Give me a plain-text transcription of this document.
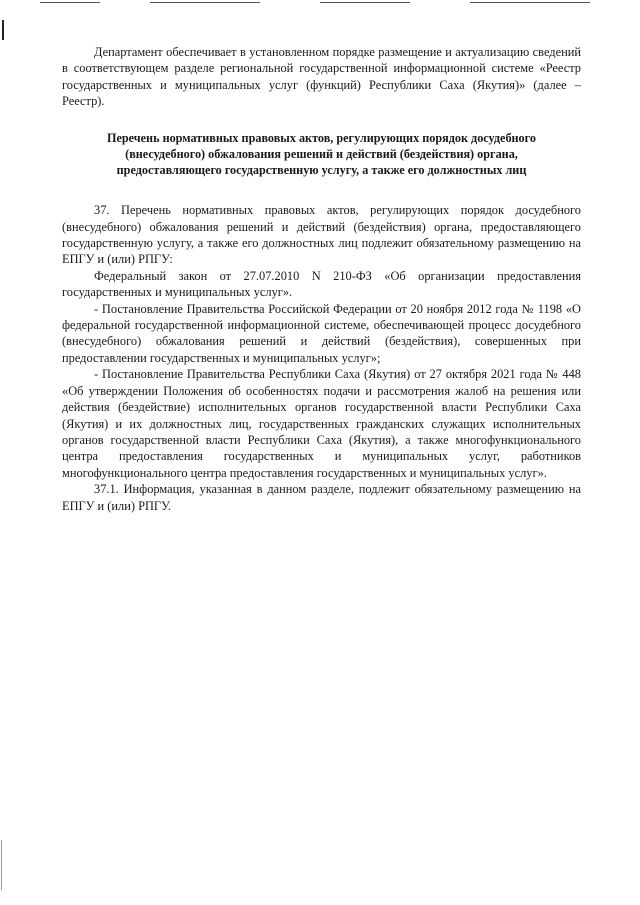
Департамент обеспечивает в установленном порядке размещение и актуализацию сведений в соответствующем разделе региональной государственной информационной системе «Реестр государственных и муниципальных услуг (функций) Республики Саха (Якутия)» (далее – Реестр).

Перечень нормативных правовых актов, регулирующих порядок досудебного (внесудебного) обжалования решений и действий (бездействия) органа, предоставляющего государственную услугу, а также его должностных лиц

37. Перечень нормативных правовых актов, регулирующих порядок досудебного (внесудебного) обжалования решений и действий (бездействия) органа, предоставляющего государственную услугу, а также его должностных лиц подлежит обязательному размещению на ЕПГУ и (или) РПГУ:

Федеральный закон от 27.07.2010 N 210-ФЗ «Об организации предоставления государственных и муниципальных услуг».

- Постановление Правительства Российской Федерации от 20 ноября 2012 года № 1198 «О федеральной государственной информационной системе, обеспечивающей процесс досудебного (внесудебного) обжалования решений и действий (бездействия), совершенных при предоставлении государственных и муниципальных услуг»;

- Постановление Правительства Республики Саха (Якутия) от 27 октября 2021 года № 448 «Об утверждении Положения об особенностях подачи и рассмотрения жалоб на решения или действия (бездействие) исполнительных органов государственной власти Республики Саха (Якутия) и их должностных лиц, государственных гражданских служащих исполнительных органов государственной власти Республики Саха (Якутия), а также многофункционального центра предоставления государственных и муниципальных услуг, работников многофункционального центра предоставления государственных и муниципальных услуг».

37.1. Информация, указанная в данном разделе, подлежит обязательному размещению на ЕПГУ и (или) РПГУ.
